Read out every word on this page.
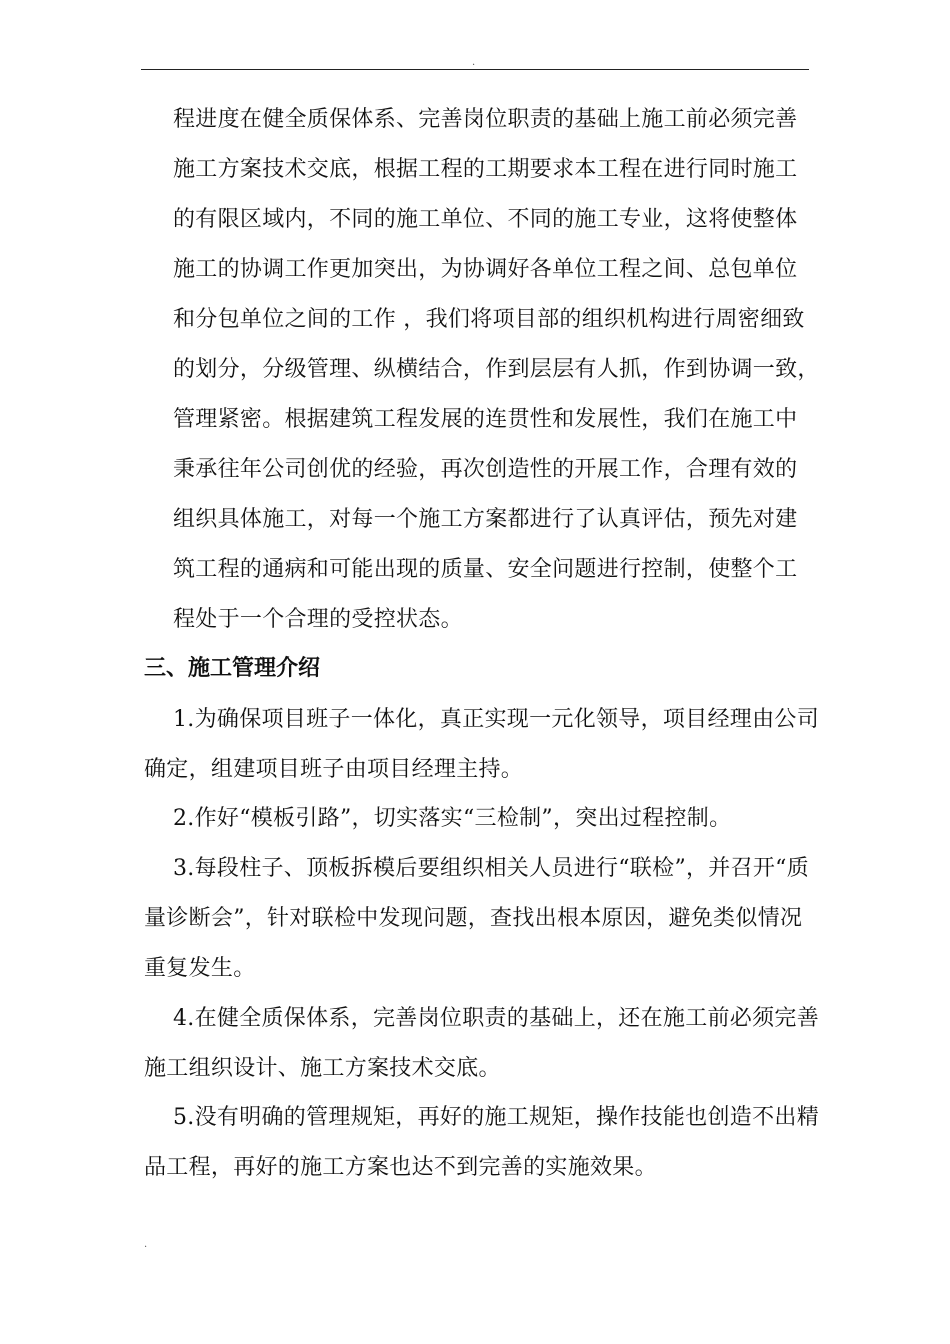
.
程进度在健全质保体系、完善岗位职责的基础上施工前必须完善
施工方案技术交底，根据工程的工期要求本工程在进行同时施工
的有限区域内，不同的施工单位、不同的施工专业，这将使整体
施工的协调工作更加突出，为协调好各单位工程之间、总包单位
和分包单位之间的工作 ，我们将项目部的组织机构进行周密细致
的划分，分级管理、纵横结合，作到层层有人抓，作到协调一致，
管理紧密。根据建筑工程发展的连贯性和发展性，我们在施工中
秉承往年公司创优的经验，再次创造性的开展工作，合理有效的
组织具体施工，对每一个施工方案都进行了认真评估，预先对建
筑工程的通病和可能出现的质量、安全问题进行控制，使整个工
程处于一个合理的受控状态。
三、施工管理介绍
1.为确保项目班子一体化，真正实现一元化领导，项目经理由公司
确定，组建项目班子由项目经理主持。
2.作好“模板引路”，切实落实“三检制”，突出过程控制。
3.每段柱子、顶板拆模后要组织相关人员进行“联检”，并召开“质
量诊断会”，针对联检中发现问题，查找出根本原因，避免类似情况
重复发生。
4.在健全质保体系，完善岗位职责的基础上，还在施工前必须完善
施工组织设计、施工方案技术交底。
5.没有明确的管理规矩，再好的施工规矩，操作技能也创造不出精
品工程，再好的施工方案也达不到完善的实施效果。
.
